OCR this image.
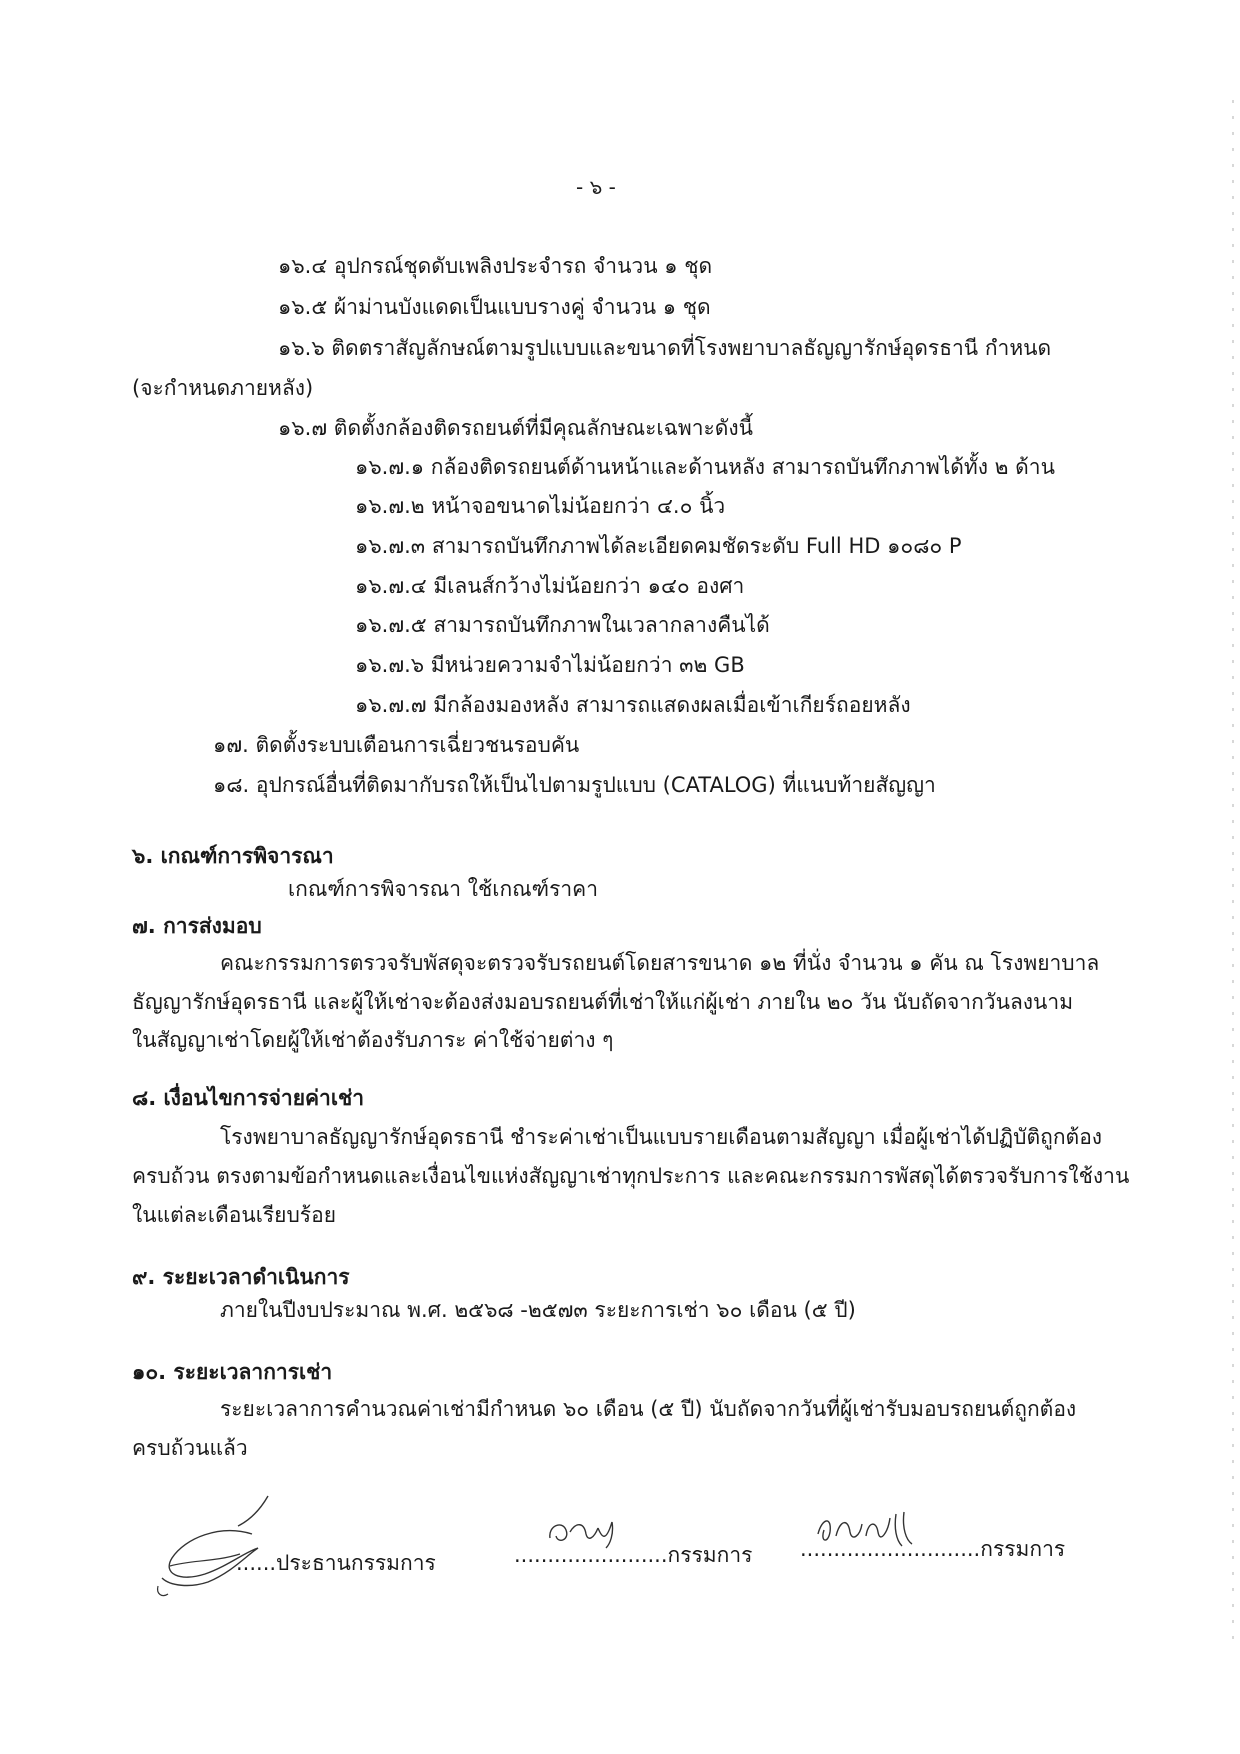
- ๖ -
๑๖.๔ อุปกรณ์ชุดดับเพลิงประจำรถ จำนวน ๑ ชุด
๑๖.๕ ผ้าม่านบังแดดเป็นแบบรางคู่ จำนวน ๑ ชุด
๑๖.๖ ติดตราสัญลักษณ์ตามรูปแบบและขนาดที่โรงพยาบาลธัญญารักษ์อุดรธานี กำหนด
(จะกำหนดภายหลัง)
๑๖.๗ ติดตั้งกล้องติดรถยนต์ที่มีคุณลักษณะเฉพาะดังนี้
๑๖.๗.๑ กล้องติดรถยนต์ด้านหน้าและด้านหลัง สามารถบันทึกภาพได้ทั้ง ๒ ด้าน
๑๖.๗.๒ หน้าจอขนาดไม่น้อยกว่า ๔.๐ นิ้ว
๑๖.๗.๓ สามารถบันทึกภาพได้ละเอียดคมชัดระดับ Full HD ๑๐๘๐ P
๑๖.๗.๔ มีเลนส์กว้างไม่น้อยกว่า ๑๔๐ องศา
๑๖.๗.๕ สามารถบันทึกภาพในเวลากลางคืนได้
๑๖.๗.๖ มีหน่วยความจำไม่น้อยกว่า ๓๒ GB
๑๖.๗.๗ มีกล้องมองหลัง สามารถแสดงผลเมื่อเข้าเกียร์ถอยหลัง
๑๗. ติดตั้งระบบเตือนการเฉี่ยวชนรอบคัน
๑๘. อุปกรณ์อื่นที่ติดมากับรถให้เป็นไปตามรูปแบบ (CATALOG) ที่แนบท้ายสัญญา
๖. เกณฑ์การพิจารณา
เกณฑ์การพิจารณา ใช้เกณฑ์ราคา
๗. การส่งมอบ
คณะกรรมการตรวจรับพัสดุจะตรวจรับรถยนต์โดยสารขนาด ๑๒ ที่นั่ง จำนวน ๑ คัน ณ โรงพยาบาล
ธัญญารักษ์อุดรธานี และผู้ให้เช่าจะต้องส่งมอบรถยนต์ที่เช่าให้แก่ผู้เช่า ภายใน ๒๐ วัน นับถัดจากวันลงนาม
ในสัญญาเช่าโดยผู้ให้เช่าต้องรับภาระ ค่าใช้จ่ายต่าง ๆ
๘. เงื่อนไขการจ่ายค่าเช่า
โรงพยาบาลธัญญารักษ์อุดรธานี ชำระค่าเช่าเป็นแบบรายเดือนตามสัญญา เมื่อผู้เช่าได้ปฏิบัติถูกต้อง
ครบถ้วน ตรงตามข้อกำหนดและเงื่อนไขแห่งสัญญาเช่าทุกประการ และคณะกรรมการพัสดุได้ตรวจรับการใช้งาน
ในแต่ละเดือนเรียบร้อย
๙. ระยะเวลาดำเนินการ
ภายในปีงบประมาณ พ.ศ. ๒๕๖๘ -๒๕๗๓ ระยะการเช่า ๖๐ เดือน (๕ ปี)
๑๐. ระยะเวลาการเช่า
ระยะเวลาการคำนวณค่าเช่ามีกำหนด ๖๐ เดือน (๕ ปี) นับถัดจากวันที่ผู้เช่ารับมอบรถยนต์ถูกต้อง
ครบถ้วนแล้ว
......ประธานกรรมการ	.......................กรรมการ ...........................กรรมการ
